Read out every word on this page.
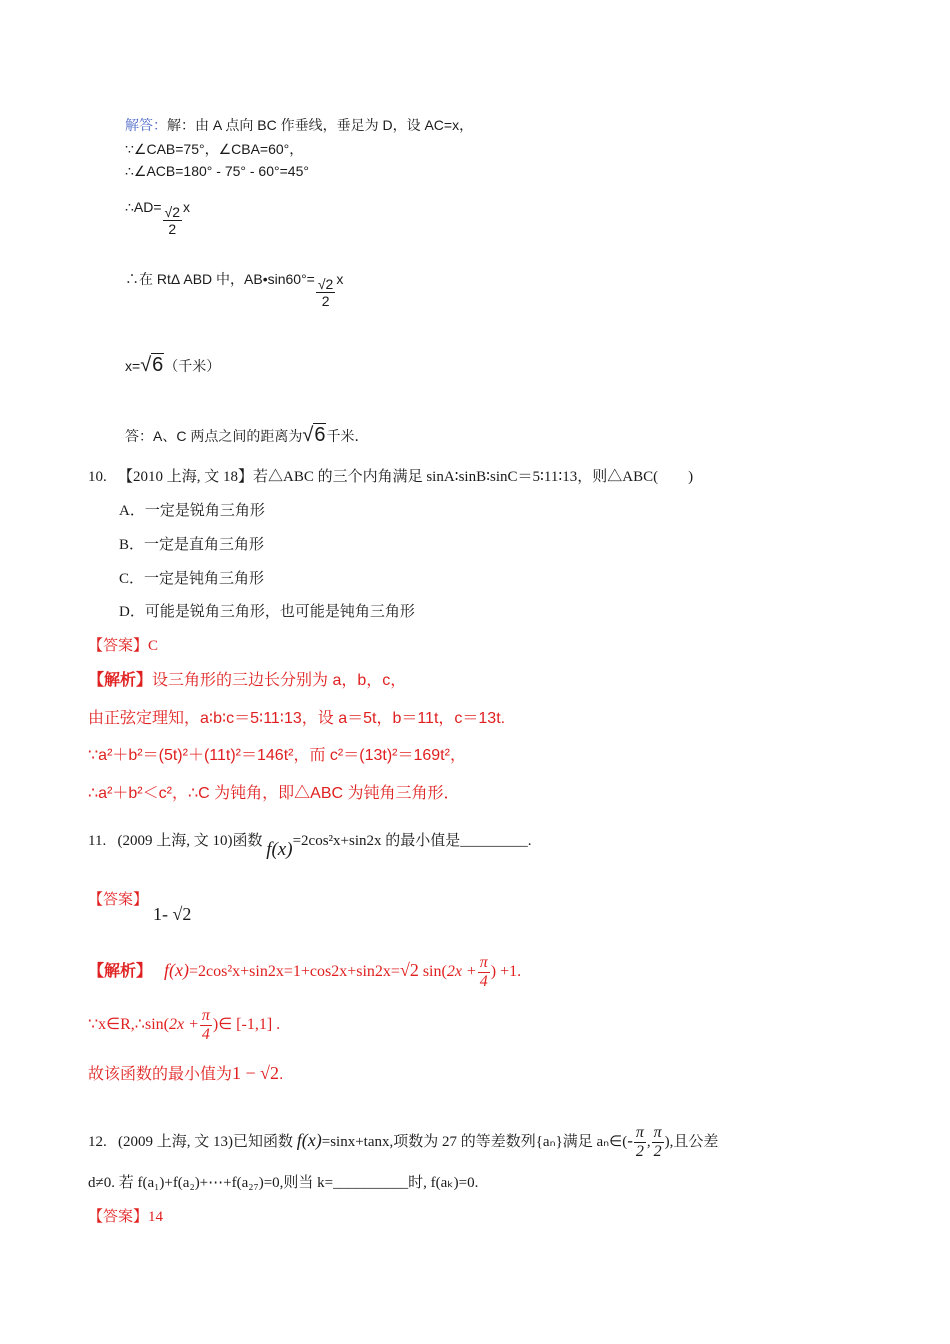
解答：解：由 A 点向 BC 作垂线，垂足为 D，设 AC=x，
∵∠CAB=75°，∠CBA=60°，
∴∠ACB=180° - 75° - 60°=45°
∴AD= $\frac{√2}{2}$ x
∴在 RtΔ ABD 中，AB•sin60°= $\frac{√2}{2}$ x
x=√6（千米）
答：A、C 两点之间的距离为√6千米．
10. 【2010 上海, 文 18】若△ABC 的三个内角满足 sinA∶sinB∶sinC＝5∶11∶13，则△ABC(　　)
A．一定是锐角三角形
B．一定是直角三角形
C．一定是钝角三角形
D．可能是锐角三角形，也可能是钝角三角形
【答案】C
【解析】设三角形的三边长分别为 a，b，c，
由正弦定理知，a∶b∶c＝5∶11∶13，设 a＝5t，b＝11t，c＝13t.
∵a²＋b²＝(5t)²＋(11t)²＝146t²，而 c²＝(13t)²＝169t²，
∴a²＋b²＜c²，∴C 为钝角，即△ABC 为钝角三角形．
11. (2009 上海, 文 10)函数 f(x)=2cos²x+sin2x 的最小值是_________.
【答案】
1- √2
【解析】 f(x)=2cos²x+sin2x=1+cos2x+sin2x=√2 $\sin(2x + \frac{\pi}{4}$ ) +1.
∵x∈R,∴sin(2x + $\frac{\pi}{4}$ )∈ [-1,1] .
故该函数的最小值为1 − √2.
12. (2009 上海, 文 13)已知函数 f(x)=sinx+tanx,项数为 27 的等差数列{aₙ}满足 aₙ∈(- $\frac{\pi}{2}$ , $\frac{\pi}{2}$ ),且公差
d≠0. 若 f(a₁)+f(a₂)+⋯+f(a₂₇)=0,则当 k=__________时, f(aₖ)=0.
【答案】14
